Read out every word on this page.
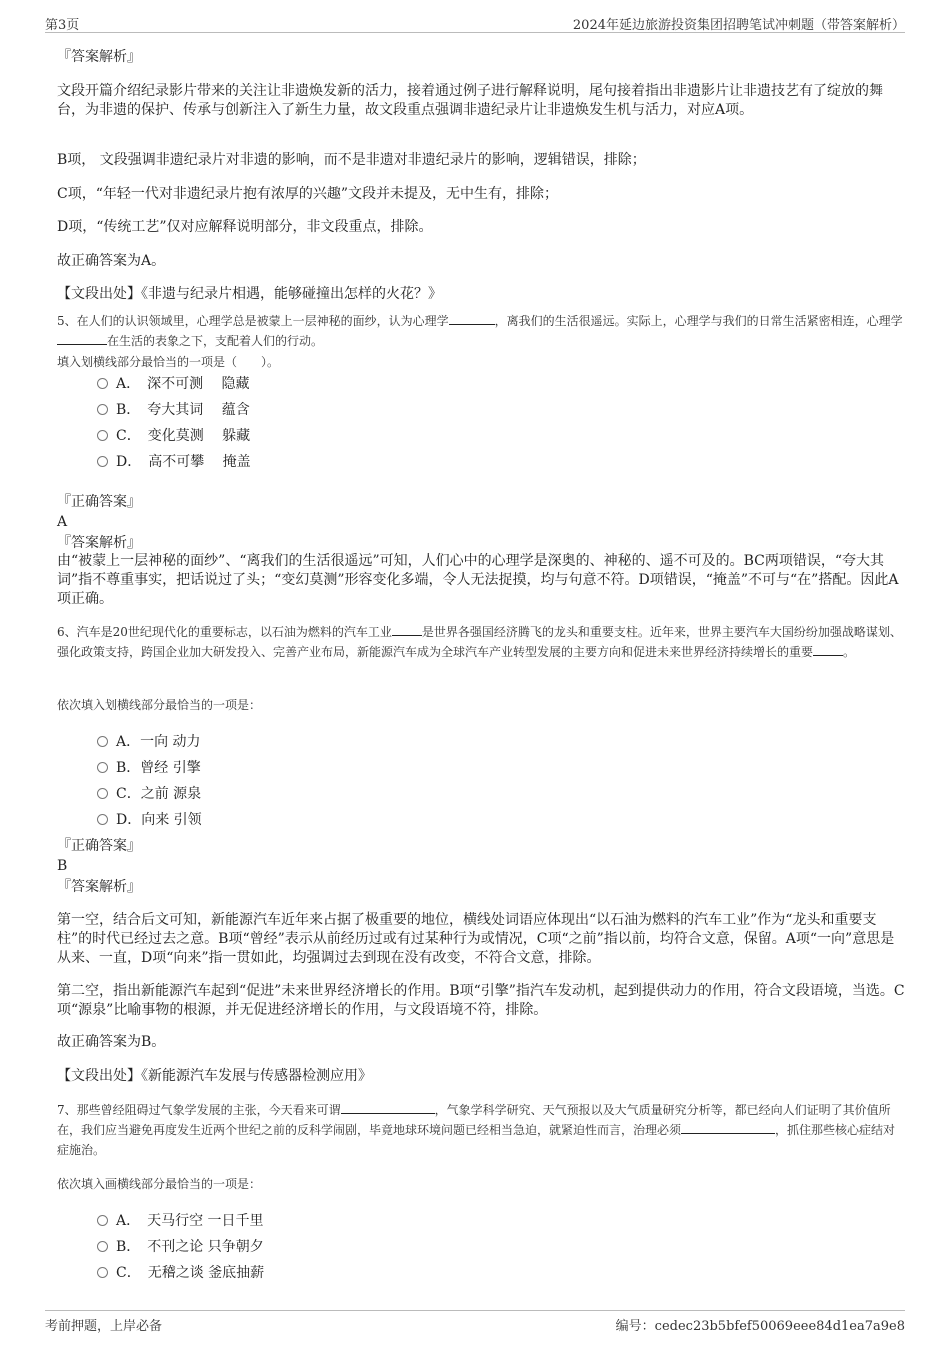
第3页	2024年延边旅游投资集团招聘笔试冲刺题（带答案解析）
『答案解析』
文段开篇介绍纪录影片带来的关注让非遗焕发新的活力，接着通过例子进行解释说明，尾句接着指出非遗影片让非遗技艺有了绽放的舞台，为非遗的保护、传承与创新注入了新生力量，故文段重点强调非遗纪录片让非遗焕发生机与活力，对应A项。
B项， 文段强调非遗纪录片对非遗的影响，而不是非遗对非遗纪录片的影响，逻辑错误，排除；
C项，“年轻一代对非遗纪录片抱有浓厚的兴趣”文段并未提及，无中生有，排除；
D项，“传统工艺”仅对应解释说明部分，非文段重点，排除。
故正确答案为A。
【文段出处】《非遗与纪录片相遇，能够碰撞出怎样的火花？》
5、在人们的认识领域里，心理学总是被蒙上一层神秘的面纱，认为心理学	，离我们的生活很遥远。实际上，心理学与我们的日常生活紧密相连，心理学在生活的表象之下，支配着人们的行动。
填入划横线部分最恰当的一项是（　　）。
A．　深不可测　 隐藏
B．　夸大其词　 蕴含
C．　变化莫测　 躲藏
D．　高不可攀　 掩盖
『正确答案』
A
『答案解析』
由“被蒙上一层神秘的面纱”、“离我们的生活很遥远”可知，人们心中的心理学是深奥的、神秘的、遥不可及的。BC两项错误，“夸大其词”指不尊重事实，把话说过了头；“变幻莫测”形容变化多端，令人无法捉摸，均与句意不符。D项错误，“掩盖”不可与“在”搭配。因此A项正确。
6、汽车是20世纪现代化的重要标志，以石油为燃料的汽车工业	是世界各强国经济腾飞的龙头和重要支柱。近年来，世界主要汽车大国纷纷加强战略谋划、强化政策支持，跨国企业加大研发投入、完善产业布局，新能源汽车成为全球汽车产业转型发展的主要方向和促进未来世界经济持续增长的重要	。
依次填入划横线部分最恰当的一项是：
A．一向 动力
B．曾经 引擎
C．之前 源泉
D．向来 引领
『正确答案』
B
『答案解析』
第一空，结合后文可知，新能源汽车近年来占据了极重要的地位，横线处词语应体现出“以石油为燃料的汽车工业”作为“龙头和重要支柱”的时代已经过去之意。B项“曾经”表示从前经历过或有过某种行为或情况，C项“之前”指以前，均符合文意，保留。A项“一向”意思是从来、一直，D项“向来”指一贯如此，均强调过去到现在没有改变，不符合文意，排除。
第二空，指出新能源汽车起到“促进”未来世界经济增长的作用。B项“引擎”指汽车发动机，起到提供动力的作用，符合文段语境，当选。C项“源泉”比喻事物的根源，并无促进经济增长的作用，与文段语境不符，排除。
故正确答案为B。
【文段出处】《新能源汽车发展与传感器检测应用》
7、那些曾经阻碍过气象学发展的主张，今天看来可谓	，气象学科学研究、天气预报以及大气质量研究分析等，都已经向人们证明了其价值所在，我们应当避免再度发生近两个世纪之前的反科学闹剧，毕竟地球环境问题已经相当急迫，就紧迫性而言，治理必须	，抓住那些核心症结对症施治。
依次填入画横线部分最恰当的一项是：
A．　天马行空 一日千里
B．　不刊之论 只争朝夕
C．　无稽之谈 釜底抽薪
考前押题，上岸必备	编号：cedec23b5bfef50069eee84d1ea7a9e8
